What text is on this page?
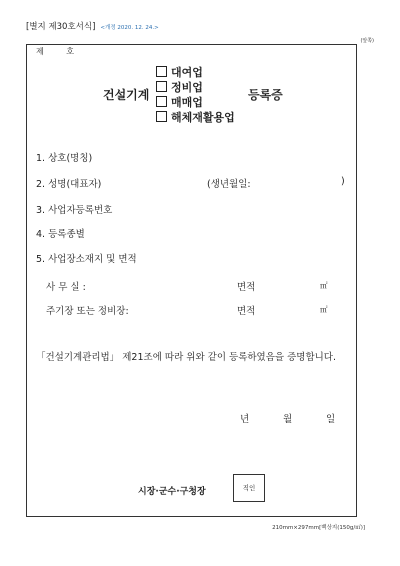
[별지 제30호서식] <개정 2020. 12. 24.>
(앞쪽)
제 호
건설기계
대여업
정비업
매매업
해체재활용업
등록증
1. 상호(명칭)
2. 성명(대표자)	(생년월일:	)
3. 사업자등록번호
4. 등록종별
5. 사업장소재지 및 면적
사 무 실 :	면적	㎡
주기장 또는 정비장:	면적	㎡
「건설기계관리법」 제21조에 따라 위와 같이 등록하였음을 증명합니다.
년	월	일
시장·군수·구청장	직인
210mm×297mm[백상지(150g/㎡)]
